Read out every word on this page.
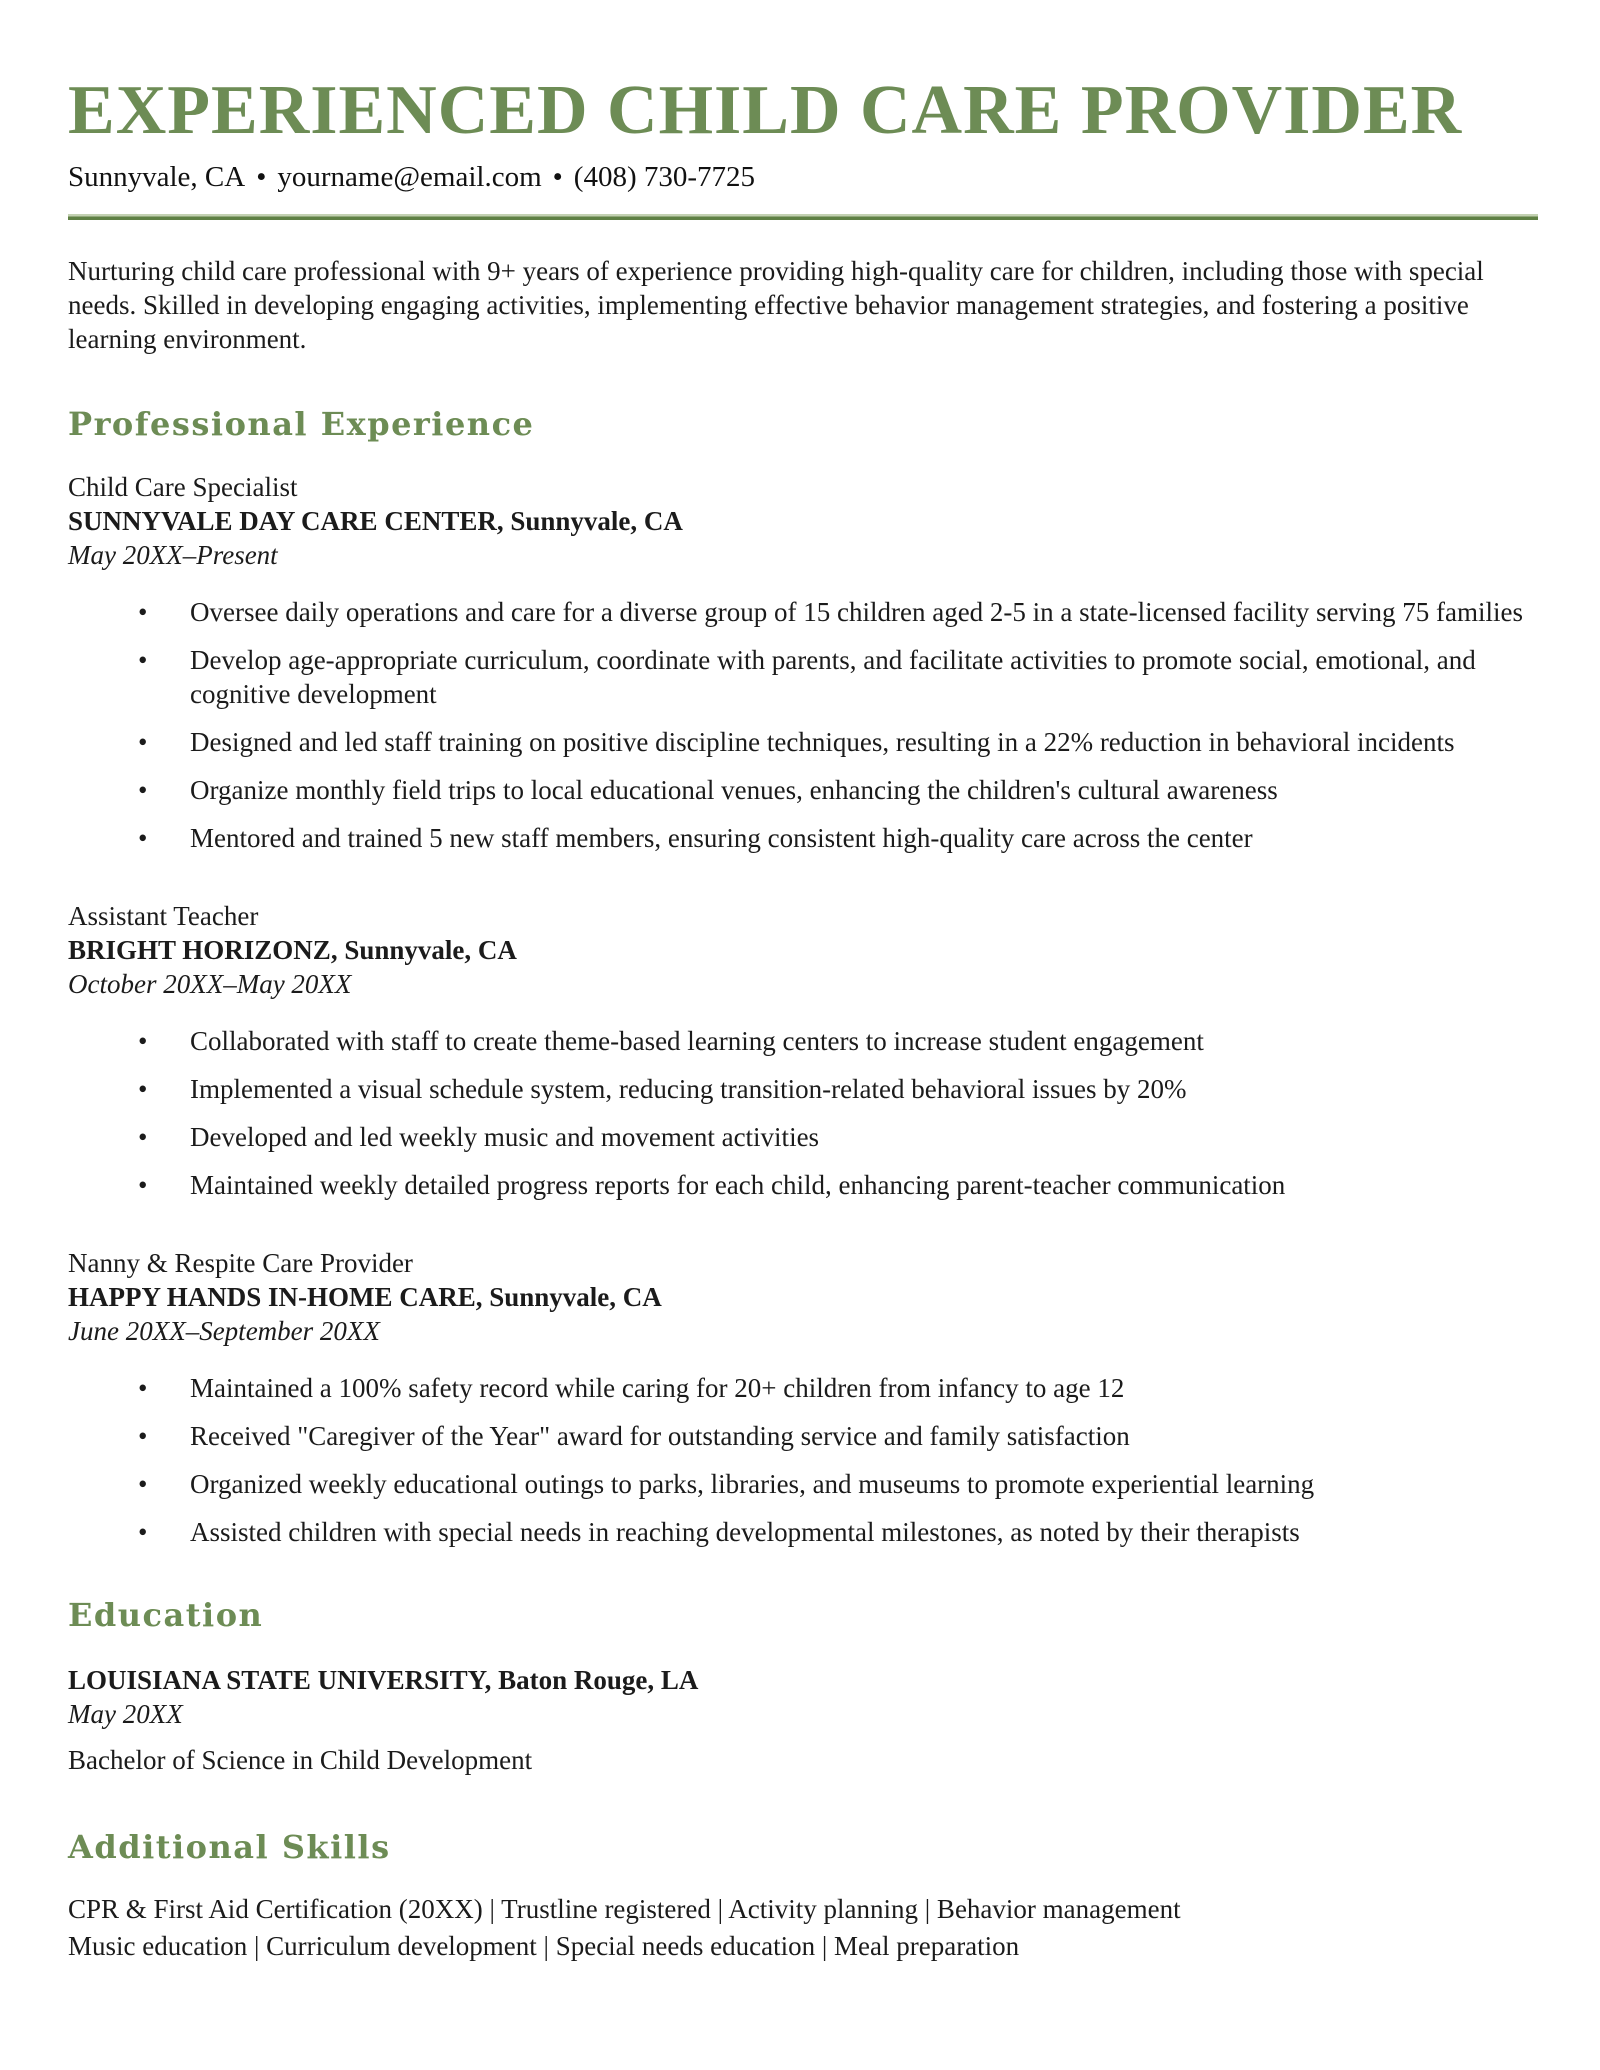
EXPERIENCED CHILD CARE PROVIDER
Sunnyvale, CA • yourname@email.com • (408) 730-7725

Nurturing child care professional with 9+ years of experience providing high-quality care for children, including those with special needs. Skilled in developing engaging activities, implementing effective behavior management strategies, and fostering a positive learning environment.

Professional Experience
Child Care Specialist
SUNNYVALE DAY CARE CENTER, Sunnyvale, CA
May 20XX–Present
• Oversee daily operations and care for a diverse group of 15 children aged 2-5 in a state-licensed facility serving 75 families
• Develop age-appropriate curriculum, coordinate with parents, and facilitate activities to promote social, emotional, and cognitive development
• Designed and led staff training on positive discipline techniques, resulting in a 22% reduction in behavioral incidents
• Organize monthly field trips to local educational venues, enhancing the children's cultural awareness
• Mentored and trained 5 new staff members, ensuring consistent high-quality care across the center
Assistant Teacher
BRIGHT HORIZONZ, Sunnyvale, CA
October 20XX–May 20XX
• Collaborated with staff to create theme-based learning centers to increase student engagement
• Implemented a visual schedule system, reducing transition-related behavioral issues by 20%
• Developed and led weekly music and movement activities
• Maintained weekly detailed progress reports for each child, enhancing parent-teacher communication
Nanny & Respite Care Provider
HAPPY HANDS IN-HOME CARE, Sunnyvale, CA
June 20XX–September 20XX
• Maintained a 100% safety record while caring for 20+ children from infancy to age 12
• Received "Caregiver of the Year" award for outstanding service and family satisfaction
• Organized weekly educational outings to parks, libraries, and museums to promote experiential learning
• Assisted children with special needs in reaching developmental milestones, as noted by their therapists
Education
LOUISIANA STATE UNIVERSITY, Baton Rouge, LA
May 20XX
Bachelor of Science in Child Development
Additional Skills
CPR & First Aid Certification (20XX) | Trustline registered | Activity planning | Behavior management
Music education | Curriculum development | Special needs education | Meal preparation
